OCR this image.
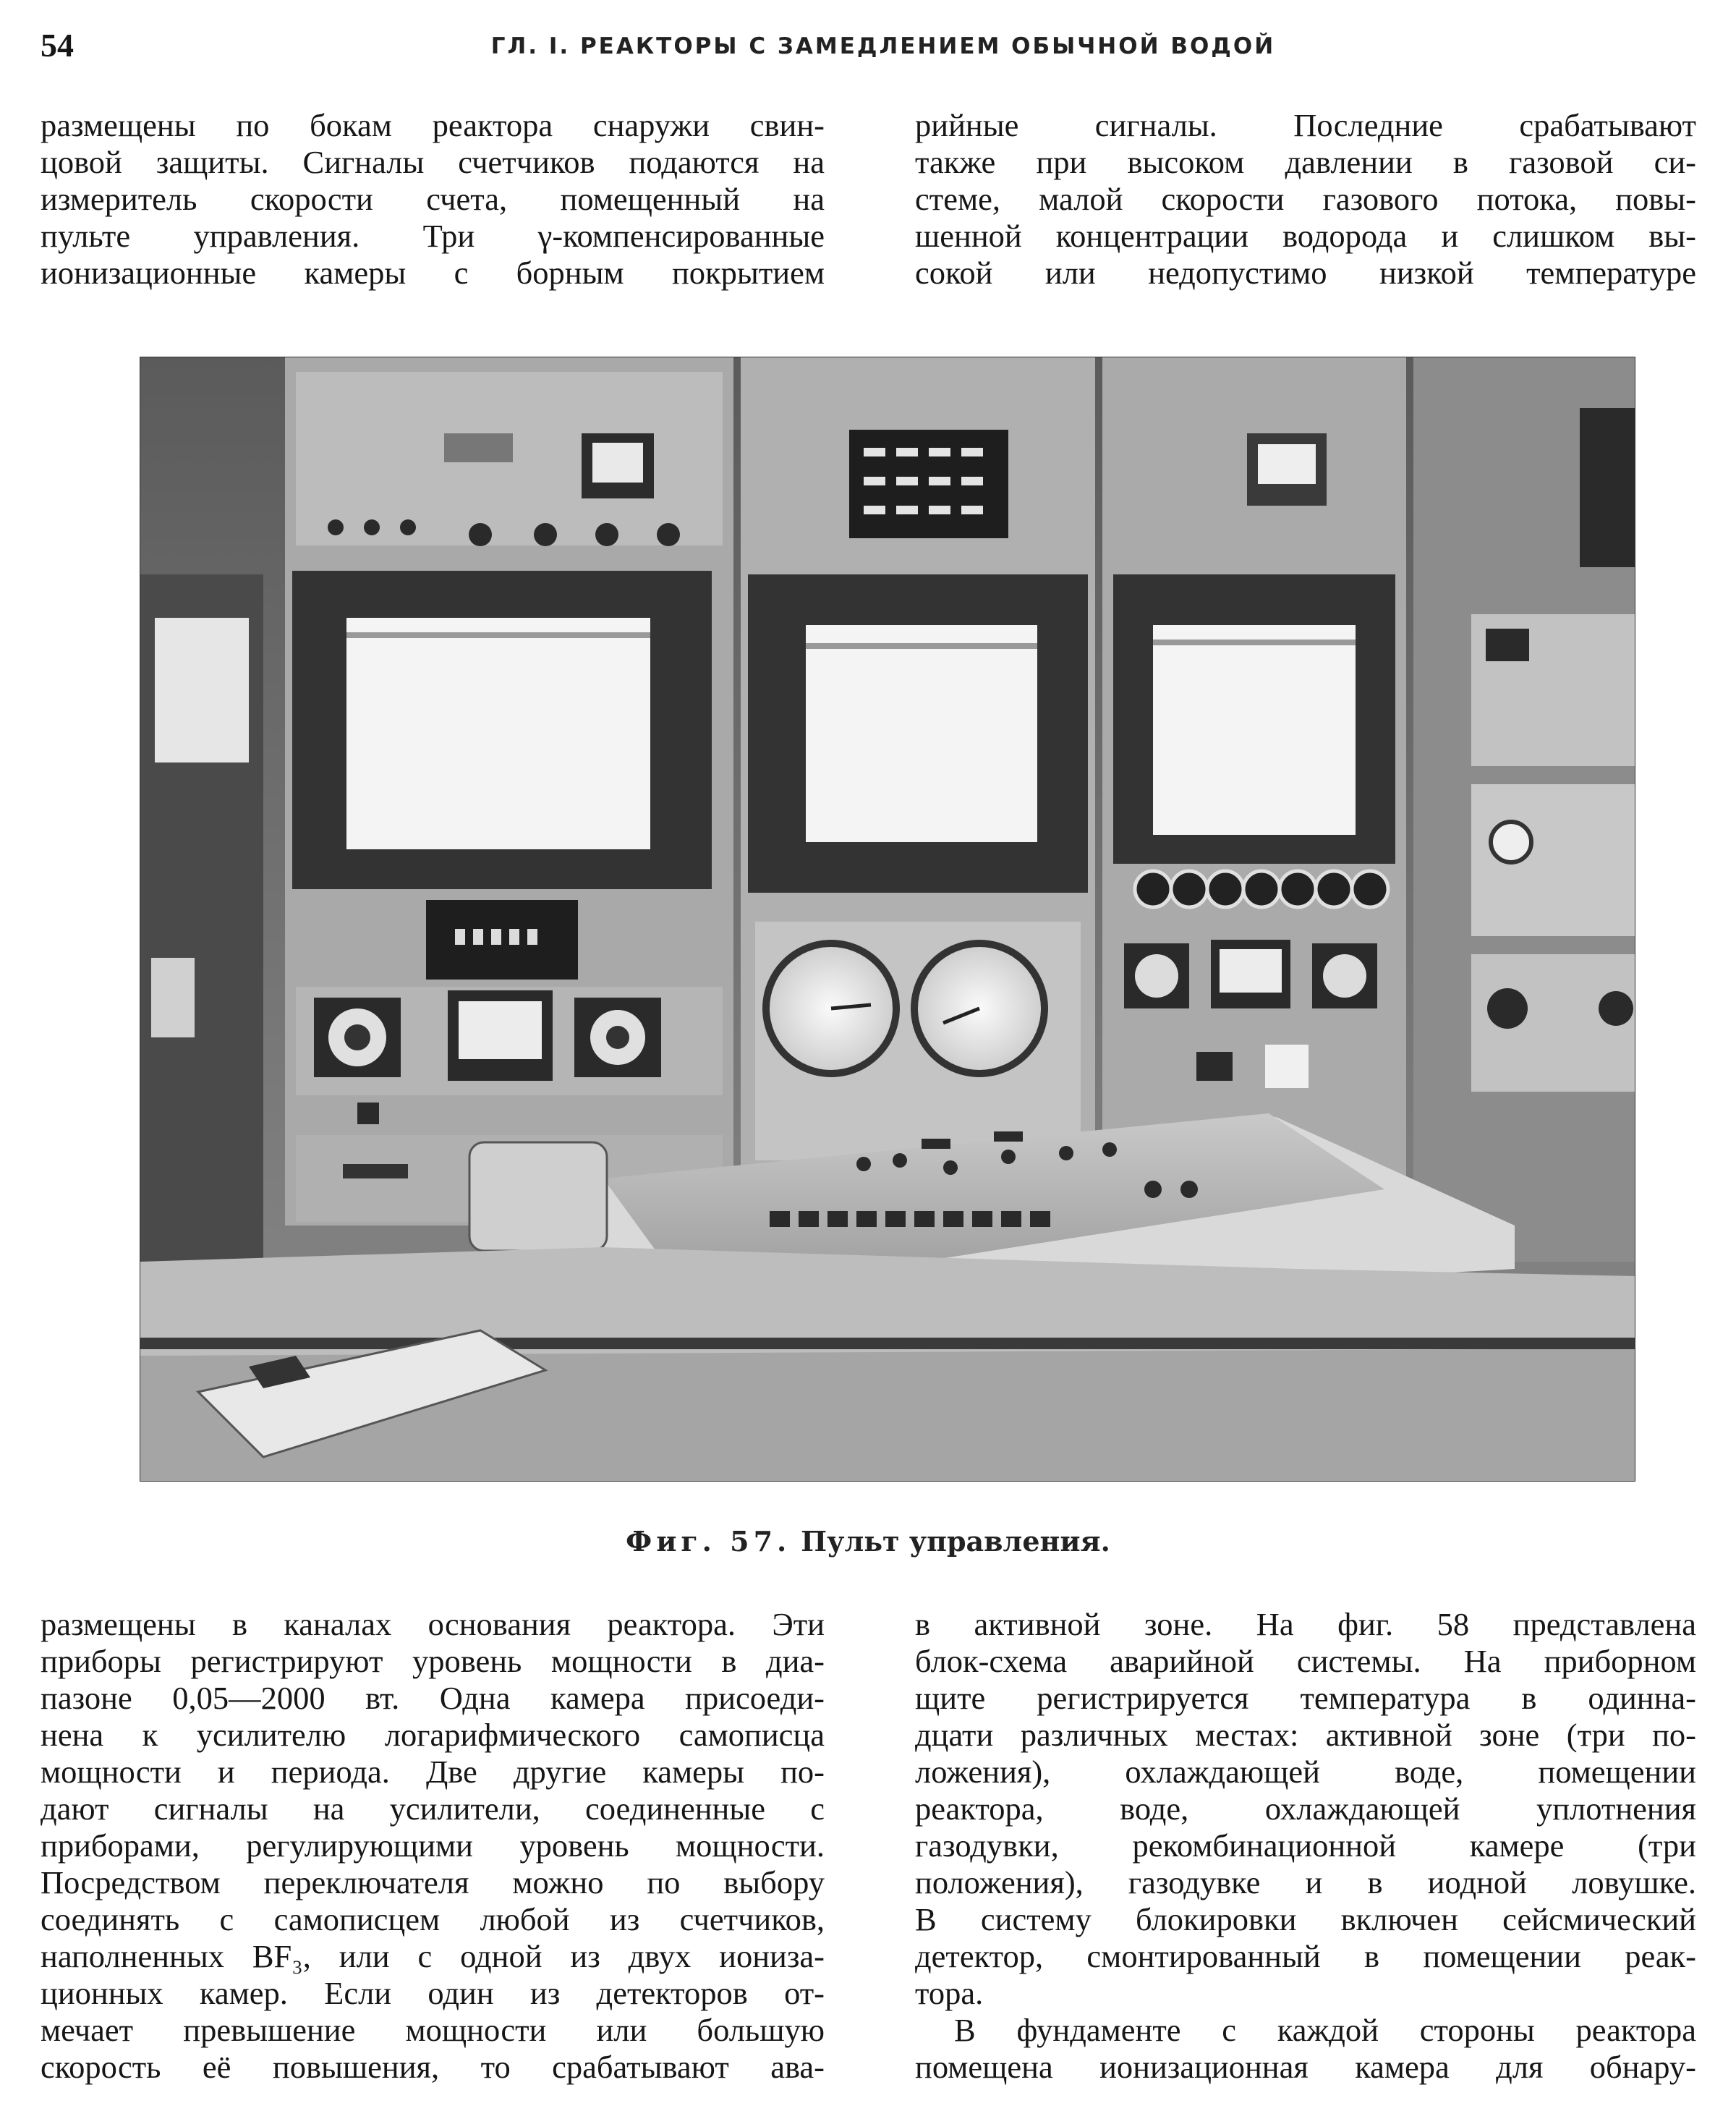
54	ГЛ. I. РЕАКТОРЫ С ЗАМЕДЛЕНИЕМ ОБЫЧНОЙ ВОДОЙ
размещены по бокам реактора снаружи свин-
цовой защиты. Сигналы счетчиков подаются на
измеритель скорости счета, помещенный на
пульте управления. Три γ-компенсированные
ионизационные камеры с борным покрытием
рийные сигналы. Последние срабатывают
также при высоком давлении в газовой си-
стеме, малой скорости газового потока, повы-
шенной концентрации водорода и слишком вы-
сокой или недопустимо низкой температуре
Фиг. 57. Пульт управления.
размещены в каналах основания реактора. Эти
приборы регистрируют уровень мощности в диа-
пазоне 0,05—2000 вт. Одна камера присоеди-
нена к усилителю логарифмического самописца
мощности и периода. Две другие камеры по-
дают сигналы на усилители, соединенные с
приборами, регулирующими уровень мощности.
Посредством переключателя можно по выбору
соединять с самописцем любой из счетчиков,
наполненных BF₃, или с одной из двух иониза-
ционных камер. Если один из детекторов от-
мечает превышение мощности или большую
скорость её повышения, то срабатывают ава-
в активной зоне. На фиг. 58 представлена
блок-схема аварийной системы. На приборном
щите регистрируется температура в одинна-
дцати различных местах: активной зоне (три по-
ложения), охлаждающей воде, помещении
реактора, воде, охлаждающей уплотнения
газодувки, рекомбинационной камере (три
положения), газодувке и в иодной ловушке.
В систему блокировки включен сейсмический
детектор, смонтированный в помещении реак-
тора.
В фундаменте с каждой стороны реактора
помещена ионизационная камера для обнару-
